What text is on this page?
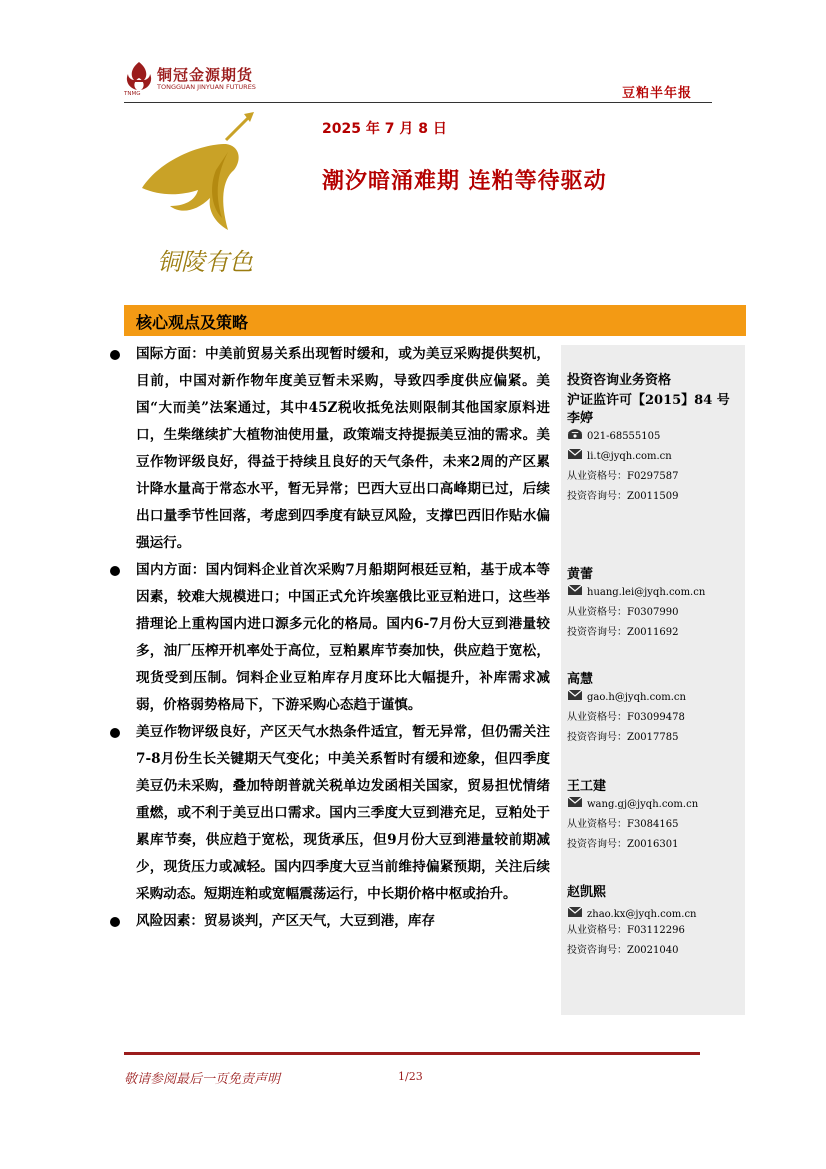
铜冠金源期货
TONGGUAN JINYUAN FUTURES
TNMG	豆粕半年报
铜陵有色
2025 年 7 月 8 日
潮汐暗涌难期 连粕等待驱动
核心观点及策略
国际方面：中美前贸易关系出现暂时缓和，或为美豆采购提供契机，目前，中国对新作物年度美豆暂未采购，导致四季度供应偏紧。美国“大而美”法案通过，其中45Z税收抵免法则限制其他国家原料进口，生柴继续扩大植物油使用量，政策端支持提振美豆油的需求。美豆作物评级良好，得益于持续且良好的天气条件，未来2周的产区累计降水量高于常态水平，暂无异常；巴西大豆出口高峰期已过，后续出口量季节性回落，考虑到四季度有缺豆风险，支撑巴西旧作贴水偏强运行。
国内方面：国内饲料企业首次采购7月船期阿根廷豆粕，基于成本等因素，较难大规模进口；中国正式允许埃塞俄比亚豆粕进口，这些举措理论上重构国内进口源多元化的格局。国内6-7月份大豆到港量较多，油厂压榨开机率处于高位，豆粕累库节奏加快，供应趋于宽松，现货受到压制。饲料企业豆粕库存月度环比大幅提升，补库需求减弱，价格弱势格局下，下游采购心态趋于谨慎。
美豆作物评级良好，产区天气水热条件适宜，暂无异常，但仍需关注7-8月份生长关键期天气变化；中美关系暂时有缓和迹象，但四季度美豆仍未采购，叠加特朗普就关税单边发函相关国家，贸易担忧情绪重燃，或不利于美豆出口需求。国内三季度大豆到港充足，豆粕处于累库节奏，供应趋于宽松，现货承压，但9月份大豆到港量较前期减少，现货压力或减轻。国内四季度大豆当前维持偏紧预期，关注后续采购动态。短期连粕或宽幅震荡运行，中长期价格中枢或抬升。
风险因素：贸易谈判，产区天气，大豆到港，库存
投资咨询业务资格
沪证监许可【2015】84 号
李婷
021-68555105
li.t@jyqh.com.cn
从业资格号：F0297587
投资咨询号：Z0011509
黄蕾
huang.lei@jyqh.com.cn
从业资格号：F0307990
投资咨询号：Z0011692
高慧
gao.h@jyqh.com.cn
从业资格号：F03099478
投资咨询号：Z0017785
王工建
wang.gj@jyqh.com.cn
从业资格号：F3084165
投资咨询号：Z0016301
赵凯熙
zhao.kx@jyqh.com.cn
从业资格号：F03112296
投资咨询号：Z0021040
敬请参阅最后一页免责声明	1/23
